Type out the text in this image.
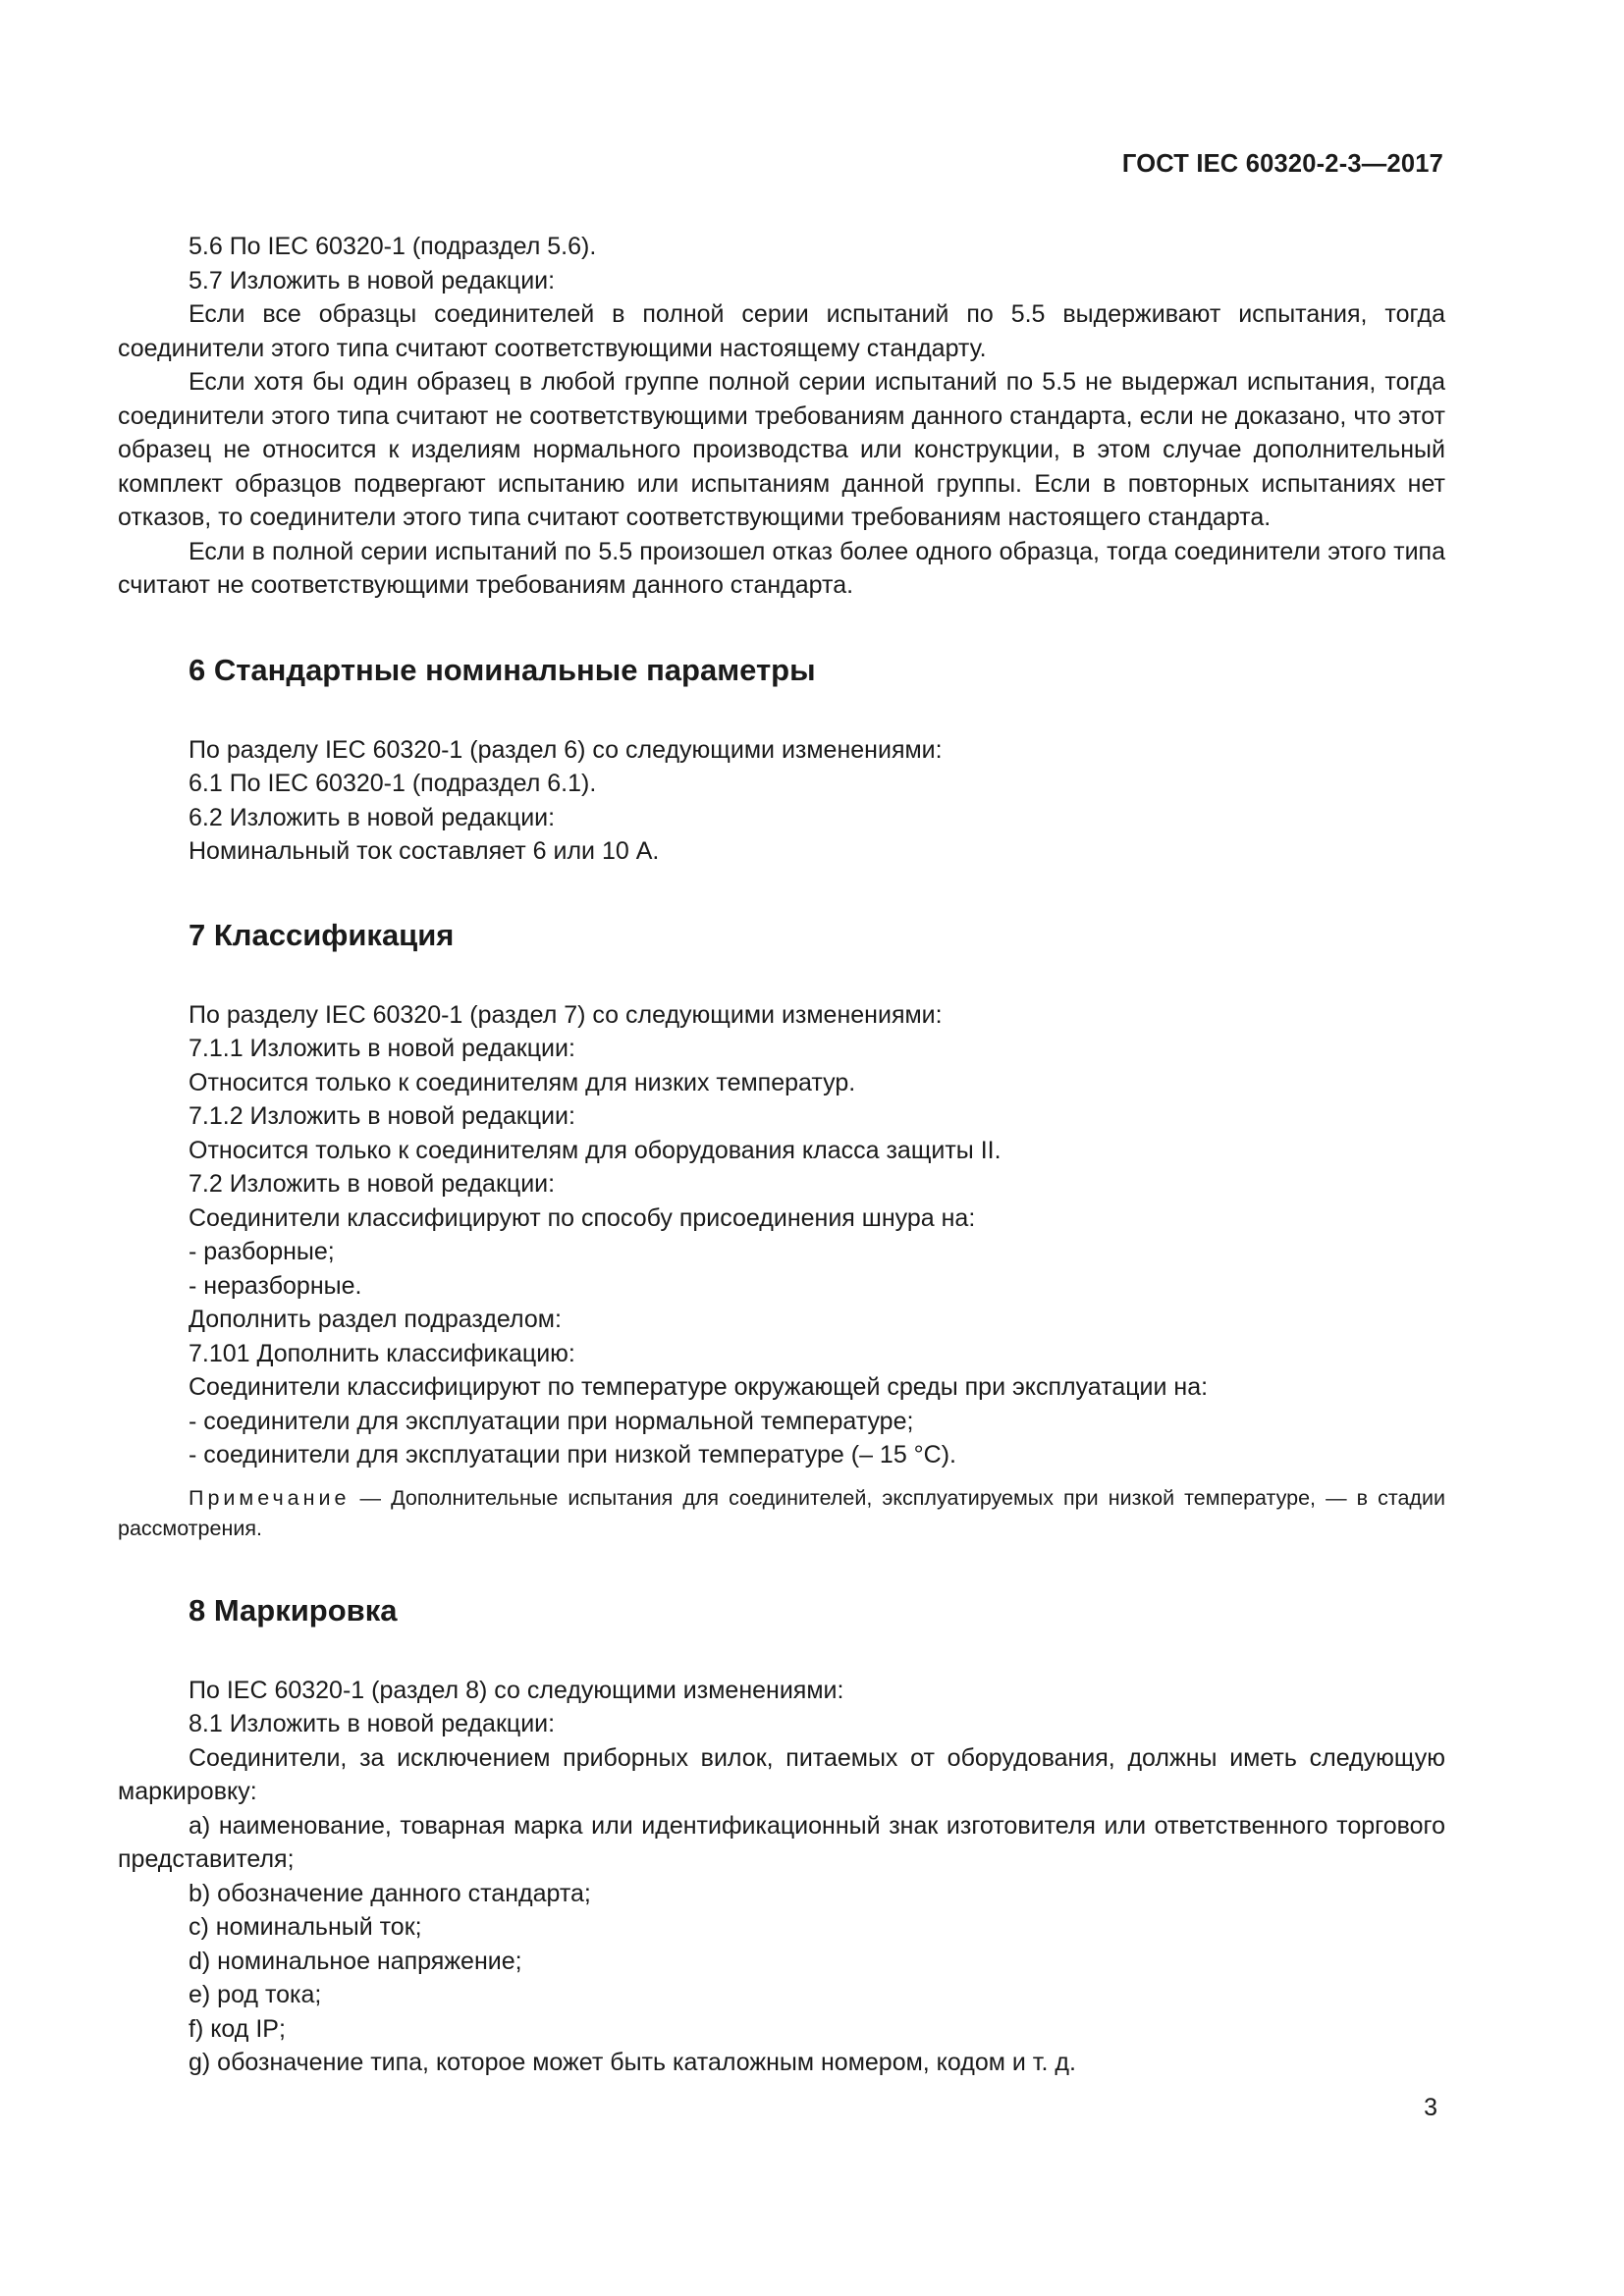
ГОСТ IEC 60320-2-3—2017

5.6 По IEC 60320-1 (подраздел 5.6).

5.7 Изложить в новой редакции:

Если все образцы соединителей в полной серии испытаний по 5.5 выдерживают испытания, тогда соединители этого типа считают соответствующими настоящему стандарту.

Если хотя бы один образец в любой группе полной серии испытаний по 5.5 не выдержал испытания, тогда соединители этого типа считают не соответствующими требованиям данного стандарта, если не доказано, что этот образец не относится к изделиям нормального производства или конструкции, в этом случае дополнительный комплект образцов подвергают испытанию или испытаниям данной группы. Если в повторных испытаниях нет отказов, то соединители этого типа считают соответствующими требованиям настоящего стандарта.

Если в полной серии испытаний по 5.5 произошел отказ более одного образца, тогда соединители этого типа считают не соответствующими требованиям данного стандарта.

6 Стандартные номинальные параметры

По разделу IEC 60320-1 (раздел 6) со следующими изменениями:

6.1 По IEC 60320-1 (подраздел 6.1).

6.2 Изложить в новой редакции:

Номинальный ток составляет 6 или 10 А.

7 Классификация

По разделу IEC 60320-1 (раздел 7) со следующими изменениями:

7.1.1 Изложить в новой редакции:

Относится только к соединителям для низких температур.

7.1.2 Изложить в новой редакции:

Относится только к соединителям для оборудования класса защиты II.

7.2 Изложить в новой редакции:

Соединители классифицируют по способу присоединения шнура на:

- разборные;

- неразборные.

Дополнить раздел подразделом:

7.101 Дополнить классификацию:

Соединители классифицируют по температуре окружающей среды при эксплуатации на:

- соединители для эксплуатации при нормальной температуре;

- соединители для эксплуатации при низкой температуре (– 15 °С).

Примечание — Дополнительные испытания для соединителей, эксплуатируемых при низкой температуре, — в стадии рассмотрения.

8 Маркировка

По IEC 60320-1 (раздел 8) со следующими изменениями:

8.1 Изложить в новой редакции:

Соединители, за исключением приборных вилок, питаемых от оборудования, должны иметь следующую маркировку:

a) наименование, товарная марка или идентификационный знак изготовителя или ответственного торгового представителя;

b) обозначение данного стандарта;

c) номинальный ток;

d) номинальное напряжение;

e) род тока;

f) код IP;

g) обозначение типа, которое может быть каталожным номером, кодом и т. д.

3
